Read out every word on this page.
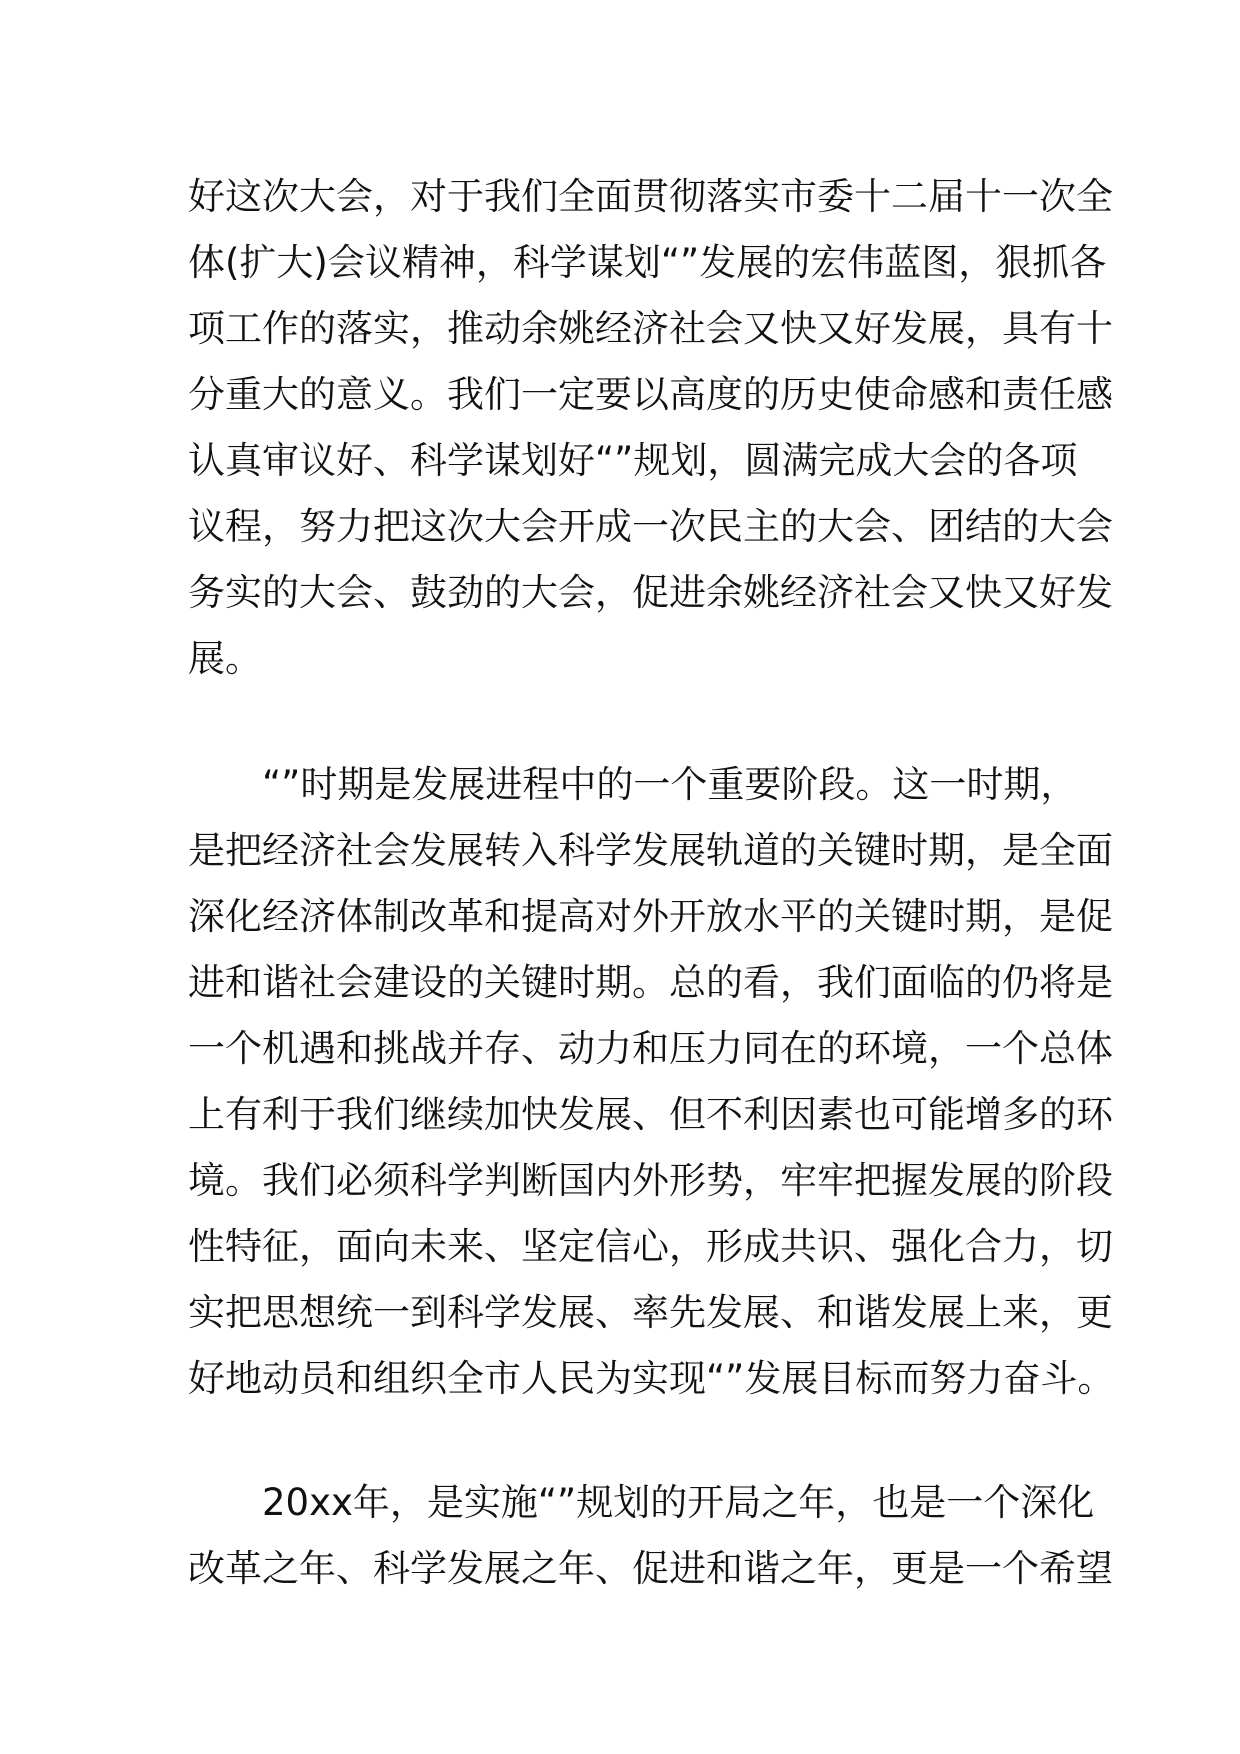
好这次大会，对于我们全面贯彻落实市委十二届十一次全
体(扩大)会议精神，科学谋划“”发展的宏伟蓝图，狠抓各
项工作的落实，推动余姚经济社会又快又好发展，具有十
分重大的意义。我们一定要以高度的历史使命感和责任感
认真审议好、科学谋划好“”规划，圆满完成大会的各项
议程，努力把这次大会开成一次民主的大会、团结的大会
务实的大会、鼓劲的大会，促进余姚经济社会又快又好发
展。
“”时期是发展进程中的一个重要阶段。这一时期，
是把经济社会发展转入科学发展轨道的关键时期，是全面
深化经济体制改革和提高对外开放水平的关键时期，是促
进和谐社会建设的关键时期。总的看，我们面临的仍将是
一个机遇和挑战并存、动力和压力同在的环境，一个总体
上有利于我们继续加快发展、但不利因素也可能增多的环
境。我们必须科学判断国内外形势，牢牢把握发展的阶段
性特征，面向未来、坚定信心，形成共识、强化合力，切
实把思想统一到科学发展、率先发展、和谐发展上来，更
好地动员和组织全市人民为实现“”发展目标而努力奋斗。
20xx年，是实施“”规划的开局之年，也是一个深化
改革之年、科学发展之年、促进和谐之年，更是一个希望
